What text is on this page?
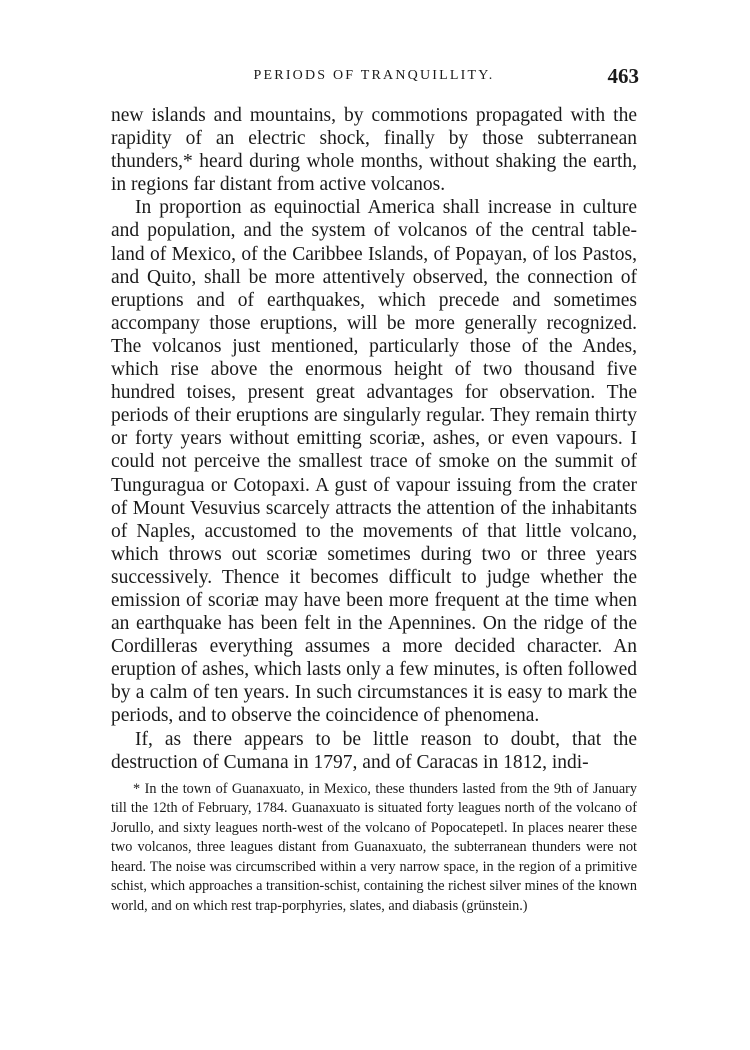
PERIODS OF TRANQUILLITY.	463

new islands and mountains, by commotions propagated with the rapidity of an electric shock, finally by those subterranean thunders,* heard during whole months, without shaking the earth, in regions far distant from active volcanos.

In proportion as equinoctial America shall increase in culture and population, and the system of volcanos of the central table-land of Mexico, of the Caribbee Islands, of Popayan, of los Pastos, and Quito, shall be more attentively observed, the connection of eruptions and of earthquakes, which precede and sometimes accompany those eruptions, will be more generally recognized. The volcanos just mentioned, particularly those of the Andes, which rise above the enormous height of two thousand five hundred toises, present great advantages for observation. The periods of their eruptions are singularly regular. They remain thirty or forty years without emitting scoriæ, ashes, or even vapours. I could not perceive the smallest trace of smoke on the summit of Tunguragua or Cotopaxi. A gust of vapour issuing from the crater of Mount Vesuvius scarcely attracts the attention of the inhabitants of Naples, accustomed to the movements of that little volcano, which throws out scoriæ sometimes during two or three years successively. Thence it becomes difficult to judge whether the emission of scoriæ may have been more frequent at the time when an earthquake has been felt in the Apennines. On the ridge of the Cordilleras everything assumes a more decided character. An eruption of ashes, which lasts only a few minutes, is often followed by a calm of ten years. In such circumstances it is easy to mark the periods, and to observe the coincidence of phenomena.

If, as there appears to be little reason to doubt, that the destruction of Cumana in 1797, and of Caracas in 1812, indi-

* In the town of Guanaxuato, in Mexico, these thunders lasted from the 9th of January till the 12th of February, 1784. Guanaxuato is situated forty leagues north of the volcano of Jorullo, and sixty leagues north-west of the volcano of Popocatepetl. In places nearer these two volcanos, three leagues distant from Guanaxuato, the subterranean thunders were not heard. The noise was circumscribed within a very narrow space, in the region of a primitive schist, which approaches a transition-schist, containing the richest silver mines of the known world, and on which rest trap-porphyries, slates, and diabasis (grünstein.)
